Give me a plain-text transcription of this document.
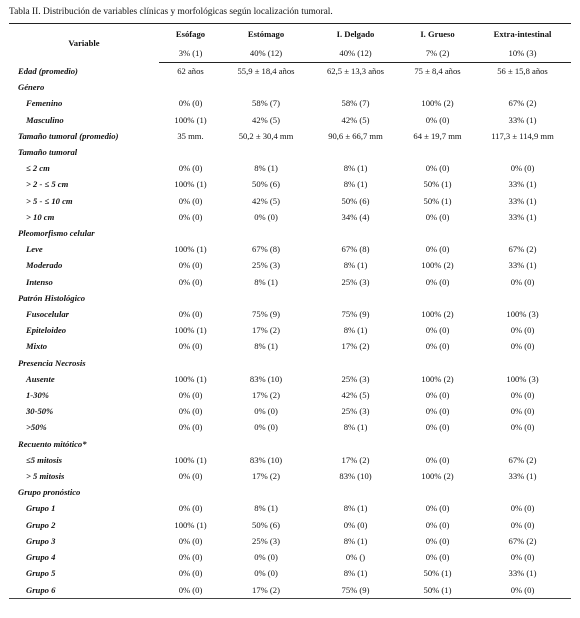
Tabla II. Distribución de variables clínicas y morfológicas según localización tumoral.
Variable	Esófago	Estómago	I. Delgado	I. Grueso	Extra-intestinal
	3% (1)	40% (12)	40% (12)	7% (2)	10% (3)
Edad (promedio)	62 años	55,9 ± 18,4 años	62,5 ± 13,3 años	75 ± 8,4 años	56 ± 15,8 años
Género					
Femenino	0% (0)	58% (7)	58% (7)	100% (2)	67% (2)
Masculino	100% (1)	42% (5)	42% (5)	0% (0)	33% (1)
Tamaño tumoral (promedio)	35 mm.	50,2 ± 30,4 mm	90,6 ± 66,7 mm	64 ± 19,7 mm	117,3 ± 114,9 mm
Tamaño tumoral					
≤ 2 cm	0% (0)	8% (1)	8% (1)	0% (0)	0% (0)
> 2 - ≤ 5 cm	100% (1)	50% (6)	8% (1)	50% (1)	33% (1)
> 5 - ≤ 10 cm	0% (0)	42% (5)	50% (6)	50% (1)	33% (1)
> 10 cm	0% (0)	0% (0)	34% (4)	0% (0)	33% (1)
Pleomorfismo celular					
Leve	100% (1)	67% (8)	67% (8)	0% (0)	67% (2)
Moderado	0% (0)	25% (3)	8% (1)	100% (2)	33% (1)
Intenso	0% (0)	8% (1)	25% (3)	0% (0)	0% (0)
Patrón Histológico					
Fusocelular	0% (0)	75% (9)	75% (9)	100% (2)	100% (3)
Epiteloideo	100% (1)	17% (2)	8% (1)	0% (0)	0% (0)
Mixto	0% (0)	8% (1)	17% (2)	0% (0)	0% (0)
Presencia Necrosis					
Ausente	100% (1)	83% (10)	25% (3)	100% (2)	100% (3)
1-30%	0% (0)	17% (2)	42% (5)	0% (0)	0% (0)
30-50%	0% (0)	0% (0)	25% (3)	0% (0)	0% (0)
>50%	0% (0)	0% (0)	8% (1)	0% (0)	0% (0)
Recuento mitótico*					
≤5 mitosis	100% (1)	83% (10)	17% (2)	0% (0)	67% (2)
> 5 mitosis	0% (0)	17% (2)	83% (10)	100% (2)	33% (1)
Grupo pronóstico					
Grupo 1	0% (0)	8% (1)	8% (1)	0% (0)	0% (0)
Grupo 2	100% (1)	50% (6)	0% (0)	0% (0)	0% (0)
Grupo 3	0% (0)	25% (3)	8% (1)	0% (0)	67% (2)
Grupo 4	0% (0)	0% (0)	0% ()	0% (0)	0% (0)
Grupo 5	0% (0)	0% (0)	8% (1)	50% (1)	33% (1)
Grupo 6	0% (0)	17% (2)	75% (9)	50% (1)	0% (0)
